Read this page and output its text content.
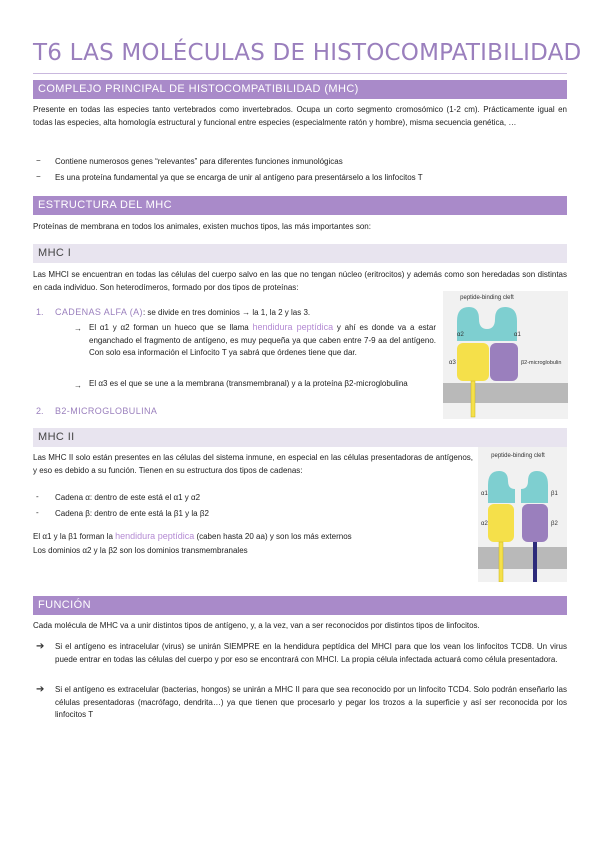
T6 LAS MOLÉCULAS DE HISTOCOMPATIBILIDAD
COMPLEJO PRINCIPAL DE HISTOCOMPATIBILIDAD (MHC)
Presente en todas las especies tanto vertebrados como invertebrados. Ocupa un corto segmento cromosómico (1-2 cm). Prácticamente igual en todas las especies, alta homología estructural y funcional entre especies (especialmente ratón y hombre), misma secuencia genética, …
− Contiene numerosos genes “relevantes” para diferentes funciones inmunológicas
− Es una proteína fundamental ya que se encarga de unir al antígeno para presentárselo a los linfocitos T
ESTRUCTURA DEL MHC
Proteínas de membrana en todos los animales, existen muchos tipos, las más importantes son:
MHC I
Las MHCI se encuentran en todas las células del cuerpo salvo en las que no tengan núcleo (eritrocitos) y además como son heredadas son distintas en cada individuo. Son heterodímeros, formado por dos tipos de proteínas:
1. CADENAS ALFA (A): se divide en tres dominios → la 1, la 2 y las 3.
→ El α1 y α2 forman un hueco que se llama hendidura peptídica y ahí es donde va a estar enganchado el fragmento de antígeno, es muy pequeña ya que caben entre 7-9 aa del antígeno. Con solo esa información el Linfocito T ya sabrá que órdenes tiene que dar.
→ El α3 es el que se une a la membrana (transmembranal) y a la proteína β2-microglobulina
2. B2-MICROGLOBULINA
peptide-binding cleft
α2	α1
α3	β2-microglobulin
MHC II
Las MHC II solo están presentes en las células del sistema inmune, en especial en las células presentadoras de antígenos, y eso es debido a su función. Tienen en su estructura dos tipos de cadenas:
- Cadena α: dentro de este está el α1 y α2
- Cadena β: dentro de ente está la β1 y la β2
El α1 y la β1 forman la hendidura peptídica (caben hasta 20 aa) y son los más externos
Los dominios α2 y la β2 son los dominios transmembranales
peptide-binding cleft
α1	β1
α2	β2
FUNCIÓN
Cada molécula de MHC va a unir distintos tipos de antígeno, y, a la vez, van a ser reconocidos por distintos tipos de linfocitos.
➔ Si el antígeno es intracelular (virus) se unirán SIEMPRE en la hendidura peptídica del MHCI para que los vean los linfocitos TCD8. Un virus puede entrar en todas las células del cuerpo y por eso se encontrará con MHCI. La propia célula infectada actuará como célula presentadora.
➔ Si el antígeno es extracelular (bacterias, hongos) se unirán a MHC II para que sea reconocido por un linfocito TCD4. Solo podrán enseñarlo las células presentadoras (macrófago, dendrita…) ya que tienen que procesarlo y pegar los trozos a la superficie y así ser reconocida por los linfocitos T
